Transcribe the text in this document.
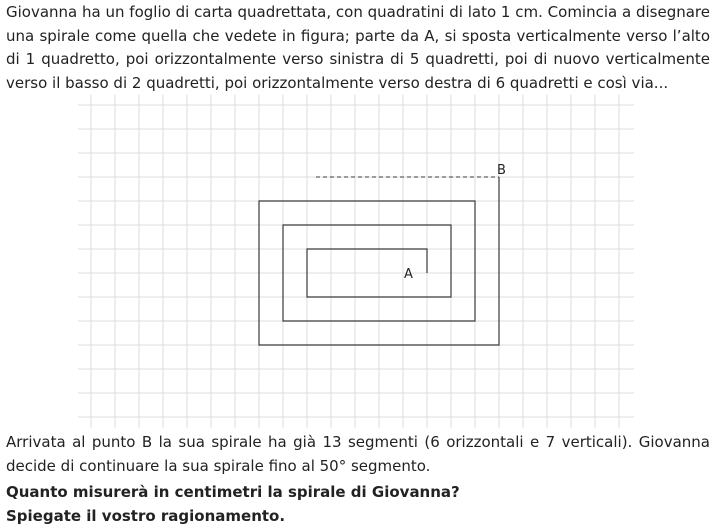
Giovanna ha un foglio di carta quadrettata, con quadratini di lato 1 cm. Comincia a disegnare una spirale come quella che vedete in figura; parte da A, si sposta verticalmente verso l’alto di 1 quadretto, poi orizzontalmente verso sinistra di 5 quadretti, poi di nuovo verticalmente verso il basso di 2 quadretti, poi orizzontalmente verso destra di 6 quadretti e così via...
A
B
Arrivata al punto B la sua spirale ha già 13 segmenti (6 orizzontali e 7 verticali). Giovanna decide di continuare la sua spirale fino al 50° segmento.
Quanto misurerà in centimetri la spirale di Giovanna?
Spiegate il vostro ragionamento.
